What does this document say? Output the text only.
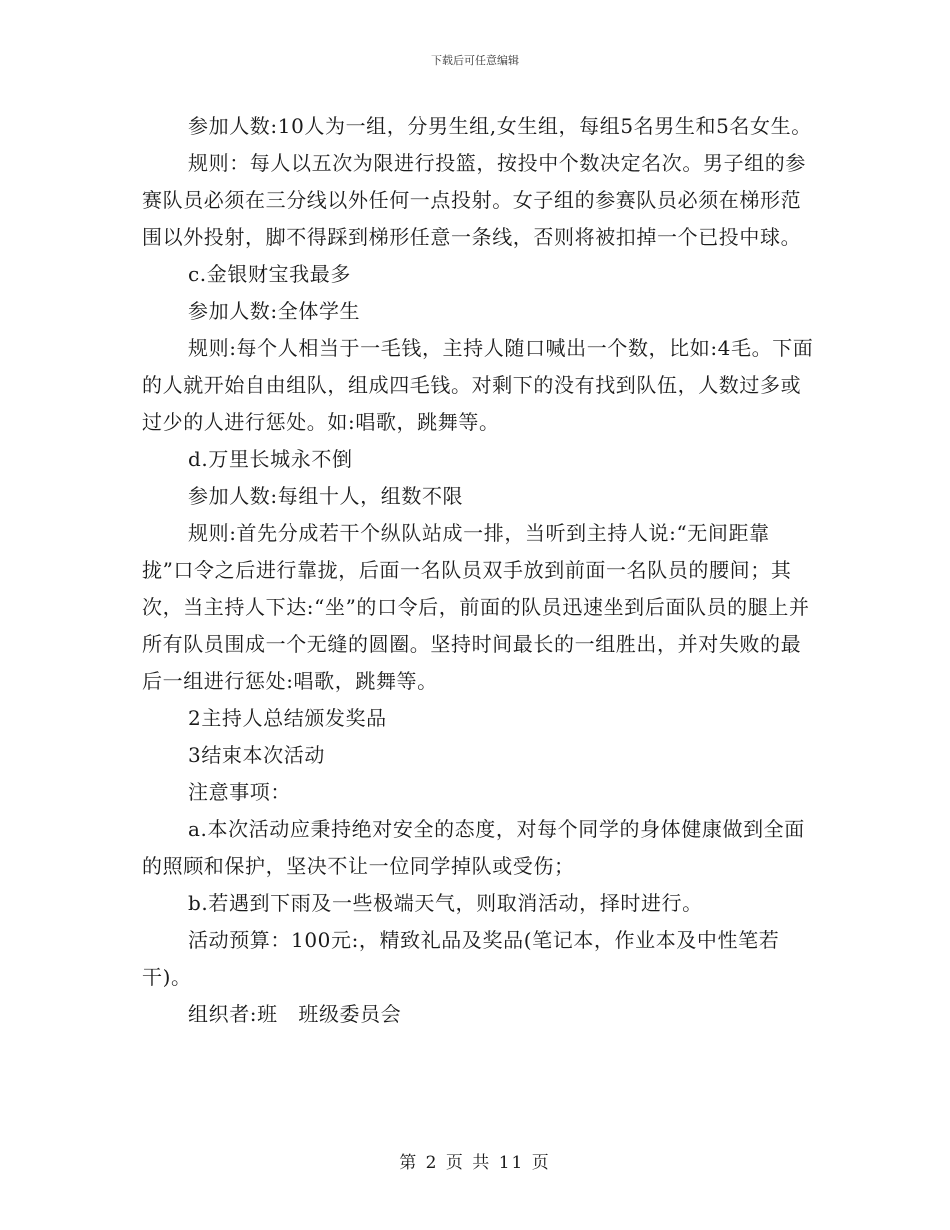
下载后可任意编辑

参加人数:10人为一组，分男生组,女生组，每组5名男生和5名女生。

规则：每人以五次为限进行投篮，按投中个数决定名次。男子组的参赛队员必须在三分线以外任何一点投射。女子组的参赛队员必须在梯形范围以外投射，脚不得踩到梯形任意一条线，否则将被扣掉一个已投中球。

c.金银财宝我最多

参加人数:全体学生

规则:每个人相当于一毛钱，主持人随口喊出一个数，比如:4毛。下面的人就开始自由组队，组成四毛钱。对剩下的没有找到队伍，人数过多或过少的人进行惩处。如:唱歌，跳舞等。

d.万里长城永不倒

参加人数:每组十人，组数不限

规则:首先分成若干个纵队站成一排，当听到主持人说:“无间距靠拢”口令之后进行靠拢，后面一名队员双手放到前面一名队员的腰间；其次，当主持人下达:“坐”的口令后，前面的队员迅速坐到后面队员的腿上并所有队员围成一个无缝的圆圈。坚持时间最长的一组胜出，并对失败的最后一组进行惩处:唱歌，跳舞等。

2主持人总结颁发奖品

3结束本次活动

注意事项：

a.本次活动应秉持绝对安全的态度，对每个同学的身体健康做到全面的照顾和保护，坚决不让一位同学掉队或受伤；

b.若遇到下雨及一些极端天气，则取消活动，择时进行。

活动预算：100元:，精致礼品及奖品(笔记本，作业本及中性笔若干)。

组织者:班　班级委员会

第 2 页 共 11 页
